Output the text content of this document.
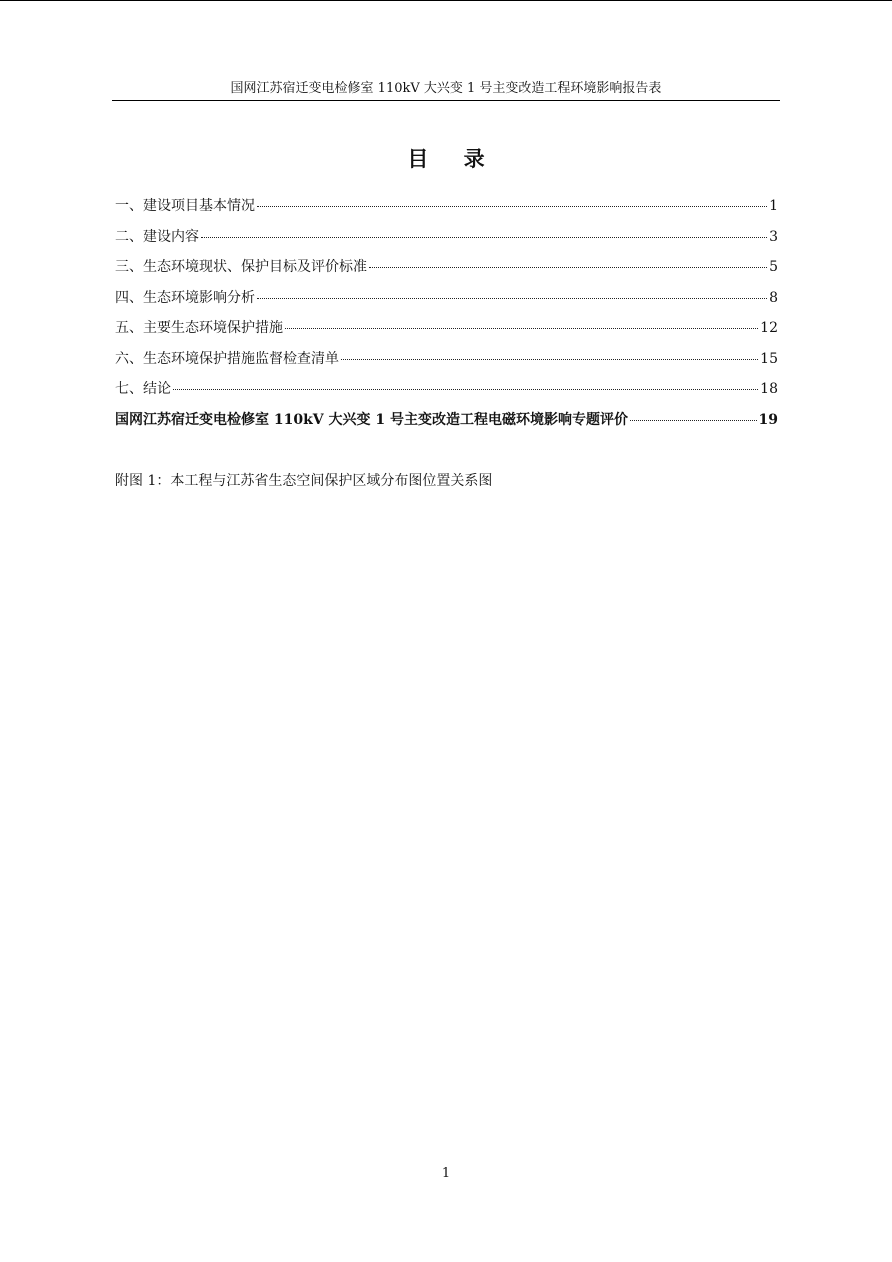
国网江苏宿迁变电检修室 110kV 大兴变 1 号主变改造工程环境影响报告表
目 录
一、建设项目基本情况	1
二、建设内容	3
三、生态环境现状、保护目标及评价标准	5
四、生态环境影响分析	8
五、主要生态环境保护措施	12
六、生态环境保护措施监督检查清单	15
七、结论	18
国网江苏宿迁变电检修室 110kV 大兴变 1 号主变改造工程电磁环境影响专题评价	19
附图 1：本工程与江苏省生态空间保护区域分布图位置关系图
1
